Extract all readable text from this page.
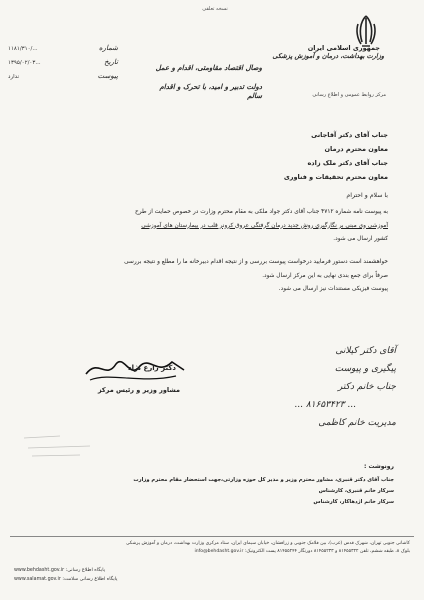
نسخه تعلقی

جمهوری اسلامی ایران

وزارت بهداشت، درمان و آموزش پزشکی

مرکز روابط عمومی و اطلاع رسانی

شماره
۱۱۸۱/۳۱۰/...
تاریخ
۱۳۹۵/۰۲/۰۳...
پیوست
ندارد

وصال اقتصاد مقاومتی، اقدام و عمل

دولت تدبیر و امید، با تحرک و اقدام سالم

جناب آقای دکتر آقاجانی
معاون محترم درمان
جناب آقای دکتر ملک زاده
معاون محترم تحقیقات و فناوری

با سلام و احترام

به پیوست نامه شماره ۴۷۱۲ جناب آقای دکتر جواد ملکی به مقام محترم وزارت در خصوص حمایت از طرح
آموزشی وی مبنی بر نگارگیری روش جدید درمان گرفتگی عروق کرونر قلب در بیمارستان های آموزشی
کشور ارسال می شود.
خواهشمند است دستور فرمایید درخواست پیوست بررسی و از نتیجه اقدام دبیرخانه ما را مطلع و نتیجه بررسی
صرفاً برای جمع بندی نهایی به این مرکز ارسال شود.
پیوست فیزیکی مستندات نیز ارسال می شود.

دکتر زارع نژاد

مشاور وزیر و رئیس مرکز

آقای دکتر کیلانی
پیگیری و پیوست
جناب خانم دکتر
... ۸۱۶۵۳۴۲۳ ...
مدیریت خانم کاظمی

رونوشت :

جناب آقای دکتر قنبری، مشاور محترم وزیر و مدیر کل حوزه وزارتی،جهت استحضار مقام محترم وزارت
سرکار خانم قنبری، کارشناس
سرکار خانم اژدهاکار، کارشناس
کاشانی جنوبی تهران، شهرک قدس (غرب)، بین فلامک جنوبی و زرافشان، خیابان سیمای ایران، ستاد مرکزی وزارت بهداشت، درمان و آموزش پزشکی
بلوک ۸، طبقه ششم، تلفن ۸۱۴۵۵۳۲۲ و ۸۱۴۵۵۲۳۳ دورنگار ۸۱۴۵۵۲۴۴ پست الکترونیک: info@behdasht.gov.ir
www.behdasht.gov.ir :پایگاه اطلاع رسانی
www.salamat.gov.ir :پایگاه اطلاع رسانی سلامت
